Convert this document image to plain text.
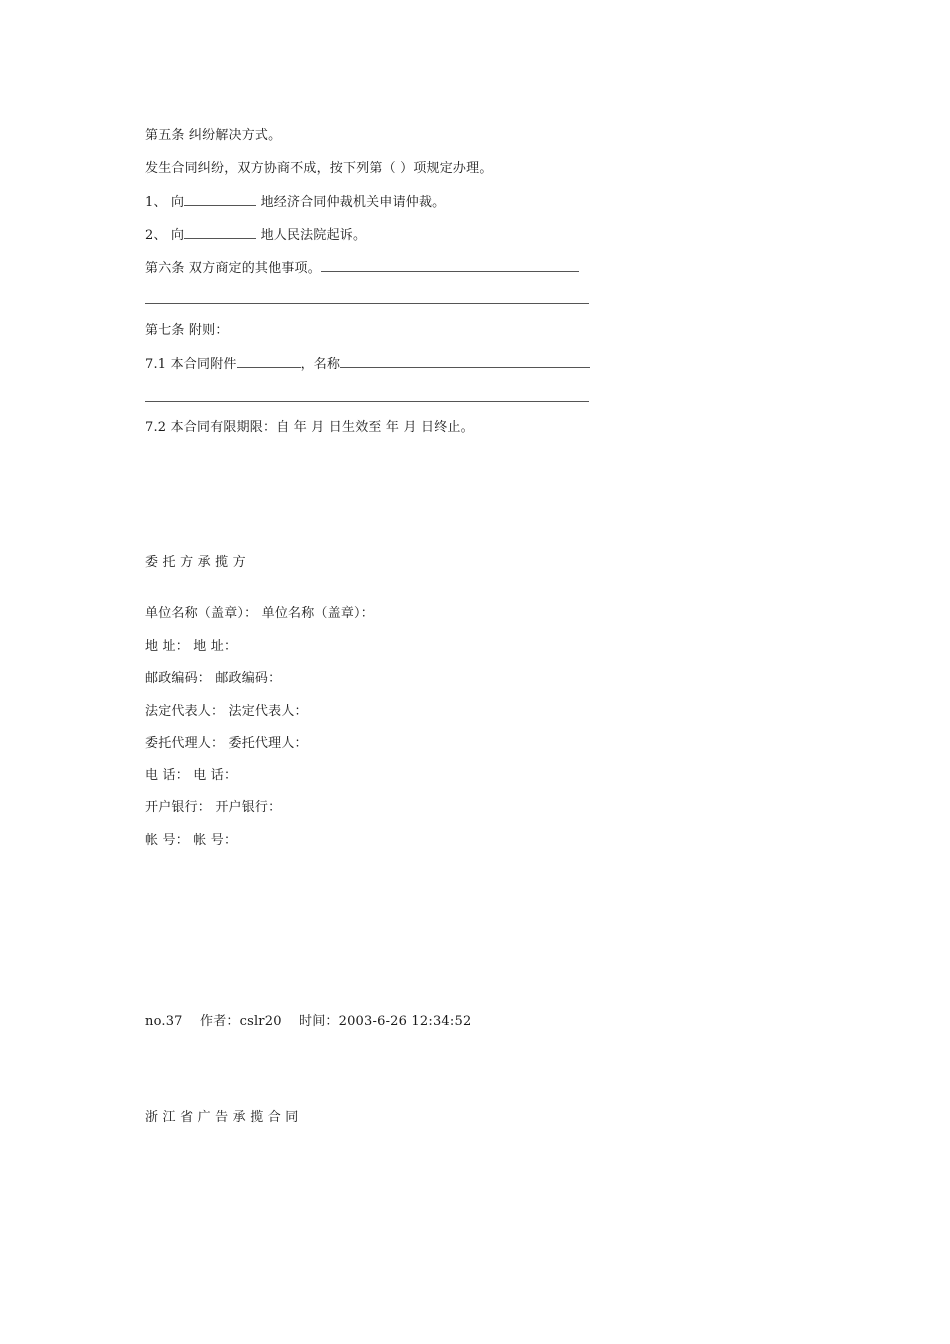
第五条 纠纷解决方式。
发生合同纠纷，双方协商不成，按下列第（ ）项规定办理。
1、 向	地经济合同仲裁机关申请仲裁。
2、 向	地人民法院起诉。
第六条 双方商定的其他事项。
第七条 附则：
7.1 本合同附件	，名称
7.2 本合同有限期限：自 年 月 日生效至 年 月 日终止。
委 托 方 承 揽 方
单位名称（盖章）： 单位名称（盖章）：
地 址： 地 址：
邮政编码： 邮政编码：
法定代表人： 法定代表人：
委托代理人： 委托代理人：
电 话： 电 话：
开户银行： 开户银行：
帐 号： 帐 号：
no.37 作者：cslr20 时间：2003-6-26 12:34:52
浙 江 省 广 告 承 揽 合 同
